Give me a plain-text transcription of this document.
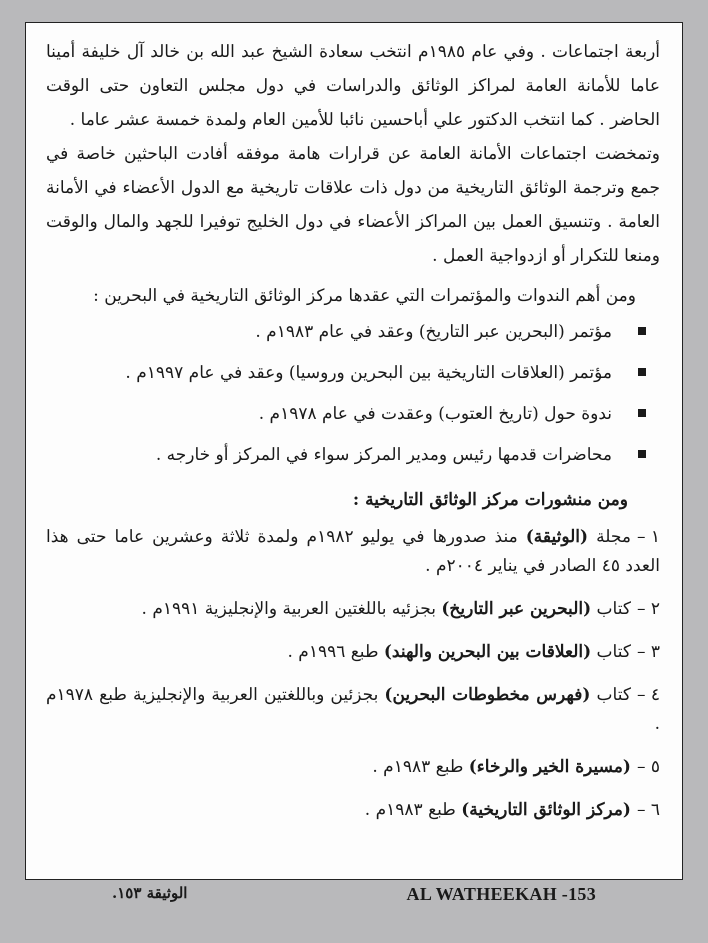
أربعة اجتماعات . وفي عام ١٩٨٥م انتخب سعادة الشيخ عبد الله بن خالد آل خليفة أمينا عاما للأمانة العامة لمراكز الوثائق والدراسات في دول مجلس التعاون حتى الوقت الحاضر . كما انتخب الدكتور علي أباحسين نائبا للأمين العام ولمدة خمسة عشر عاما .

وتمخضت اجتماعات الأمانة العامة عن قرارات هامة موفقه أفادت الباحثين خاصة في جمع وترجمة الوثائق التاريخية من دول ذات علاقات تاريخية مع الدول الأعضاء في الأمانة العامة . وتنسيق العمل بين المراكز الأعضاء في دول الخليج توفيرا للجهد والمال والوقت ومنعا للتكرار أو ازدواجية العمل .

ومن أهم الندوات والمؤتمرات التي عقدها مركز الوثائق التاريخية في البحرين :

مؤتمر (البحرين عبر التاريخ) وعقد في عام ١٩٨٣م .
مؤتمر (العلاقات التاريخية بين البحرين وروسيا) وعقد في عام ١٩٩٧م .
ندوة حول (تاريخ العتوب) وعقدت في عام ١٩٧٨م .
محاضرات قدمها رئيس ومدير المركز سواء في المركز أو خارجه .

ومن منشورات مركز الوثائق التاريخية :

١ –مجلة (الوثيقة) منذ صدورها في يوليو ١٩٨٢م ولمدة ثلاثة وعشرين عاما حتى هذا العدد ٤٥ الصادر في يناير ٢٠٠٤م .
٢ –كتاب (البحرين عبر التاريخ) بجزئيه باللغتين العربية والإنجليزية ١٩٩١م .
٣ –كتاب (العلاقات بين البحرين والهند) طبع ١٩٩٦م .
٤ –كتاب (فهرس مخطوطات البحرين) بجزئين وباللغتين العربية والإنجليزية طبع ١٩٧٨م .
٥ –(مسيرة الخير والرخاء) طبع ١٩٨٣م .
٦ –(مركز الوثائق التاريخية) طبع ١٩٨٣م .
AL WATHEEKAH -153
الوثيقة ١٥٣.
